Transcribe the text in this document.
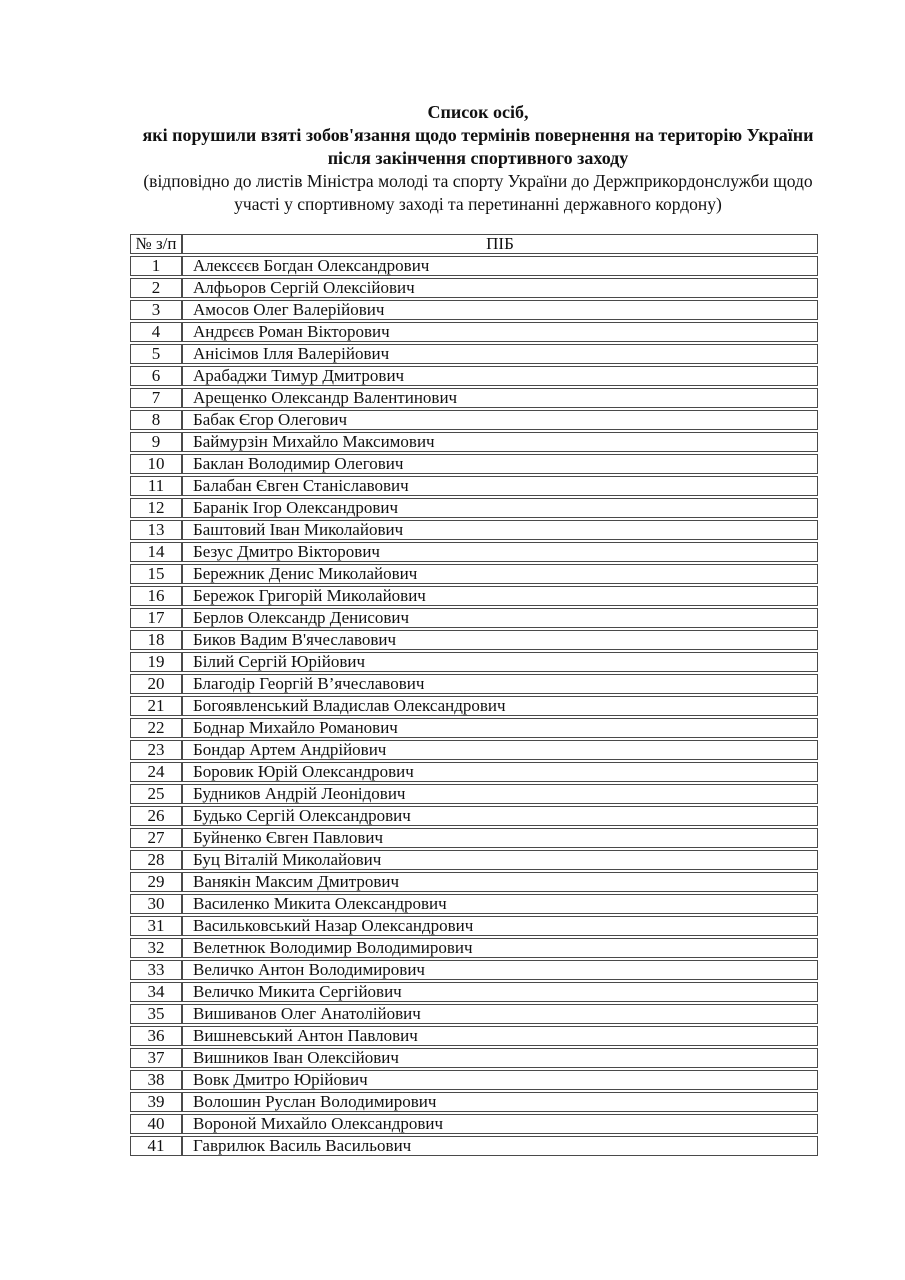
Список осіб,
які порушили взяті зобов'язання щодо термінів повернення на територію України
після закінчення спортивного заходу
(відповідно до листів Міністра молоді та спорту України до Держприкордонслужби щодо
участі у спортивному заході та перетинанні державного кордону)
№ з/п	ПІБ
1	Алексєєв Богдан Олександрович
2	Алфьоров Сергій Олексійович
3	Амосов Олег Валерійович
4	Андрєєв Роман Вікторович
5	Анісімов Ілля Валерійович
6	Арабаджи Тимур Дмитрович
7	Арещенко Олександр Валентинович
8	Бабак Єгор Олегович
9	Баймурзін Михайло Максимович
10	Баклан Володимир Олегович
11	Балабан Євген Станіславович
12	Баранік Ігор Олександрович
13	Баштовий Іван Миколайович
14	Безус Дмитро Вікторович
15	Бережник Денис Миколайович
16	Бережок Григорій Миколайович
17	Берлов Олександр Денисович
18	Биков Вадим В'ячеславович
19	Білий Сергій Юрійович
20	Благодір Георгій В’ячеславович
21	Богоявленський Владислав Олександрович
22	Боднар Михайло Романович
23	Бондар Артем Андрійович
24	Боровик Юрій Олександрович
25	Будников Андрій Леонідович
26	Будько Сергій Олександрович
27	Буйненко Євген Павлович
28	Буц Віталій Миколайович
29	Ванякін Максим Дмитрович
30	Василенко Микита Олександрович
31	Васильковський Назар Олександрович
32	Велетнюк Володимир Володимирович
33	Величко Антон Володимирович
34	Величко Микита Сергійович
35	Вишиванов Олег Анатолійович
36	Вишневський Антон Павлович
37	Вишников Іван Олексійович
38	Вовк Дмитро Юрійович
39	Волошин Руслан Володимирович
40	Вороной Михайло Олександрович
41	Гаврилюк Василь Васильович
